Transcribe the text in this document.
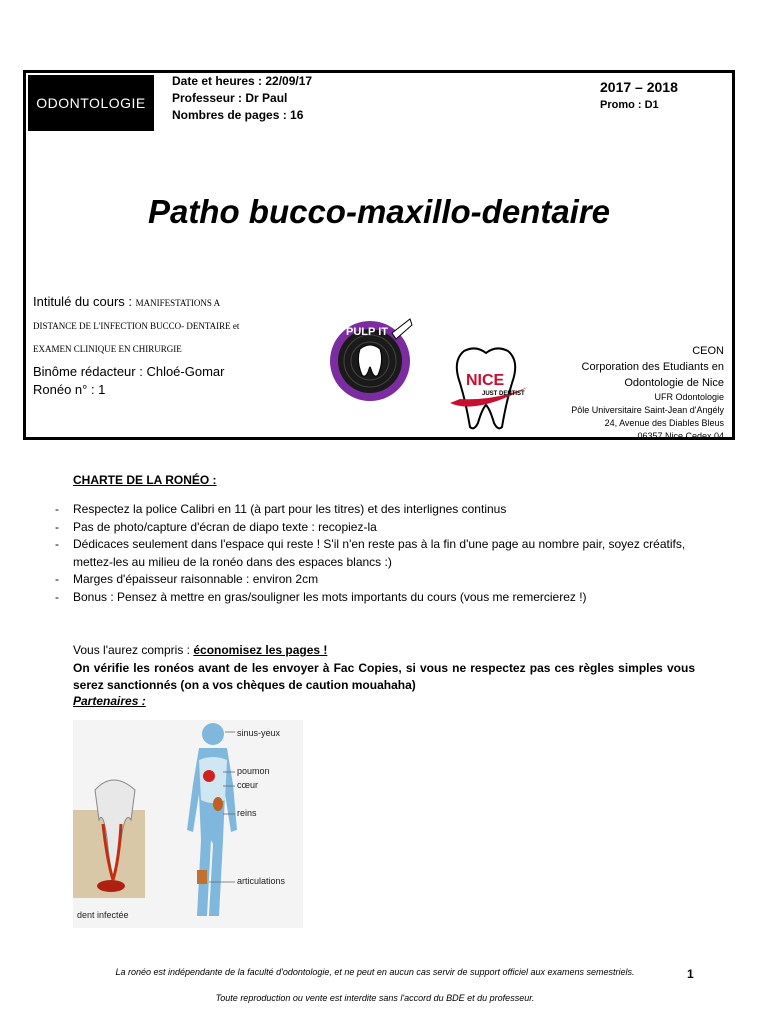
ODONTOLOGIE
Date et heures : 22/09/17
Professeur : Dr Paul
Nombres de pages : 16
2017 – 2018
Promo : D1
Patho bucco-maxillo-dentaire
Intitulé du cours : MANIFESTATIONS A
DISTANCE DE L'INFECTION BUCCO- DENTAIRE et
EXAMEN CLINIQUE EN CHIRURGIE
Binôme rédacteur : Chloé-Gomar
Ronéo n° : 1
PULP IT
NICE
JUST DENTIST
CEON
Corporation des Etudiants en
Odontologie de Nice
UFR Odontologie
Pôle Universitaire Saint-Jean d'Angély
24, Avenue des Diables Bleus
06357 Nice Cedex 04
CHARTE DE LA RONÉO :
- Respectez la police Calibri en 11 (à part pour les titres) et des interlignes continus
- Pas de photo/capture d'écran de diapo texte : recopiez-la
- Dédicaces seulement dans l'espace qui reste ! S'il n'en reste pas à la fin d'une page au nombre pair, soyez créatifs, mettez-les au milieu de la ronéo dans des espaces blancs :)
- Marges d'épaisseur raisonnable : environ 2cm
- Bonus : Pensez à mettre en gras/souligner les mots importants du cours (vous me remercierez !)
Vous l'aurez compris : économisez les pages !
On vérifie les ronéos avant de les envoyer à Fac Copies, si vous ne respectez pas ces règles simples vous serez sanctionnés (on a vos chèques de caution mouahaha)
Partenaires :
sinus-yeux
poumon
cœur
reins
articulations
dent infectée
La ronéo est indépendante de la faculté d'odontologie, et ne peut en aucun cas servir de support officiel aux examens semestriels.
Toute reproduction ou vente est interdite sans l'accord du BDE et du professeur.
1
